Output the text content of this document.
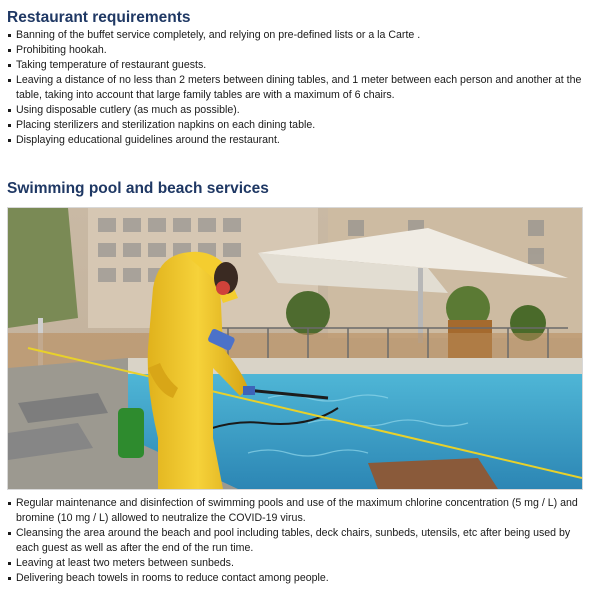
Restaurant requirements
Banning of the buffet service completely, and relying on pre-defined lists or a la Carte .
Prohibiting hookah.
Taking temperature of restaurant guests.
Leaving a distance of no less than 2 meters between dining tables, and 1 meter between each person and another at the table, taking into account that large family tables are with a maximum of 6 chairs.
Using disposable cutlery (as much as possible).
Placing sterilizers and sterilization napkins on each dining table.
Displaying educational guidelines around the restaurant.
Swimming pool and beach services
Regular maintenance and disinfection of swimming pools and use of the maximum chlorine concentration (5 mg / L) and bromine (10 mg / L) allowed to neutralize the COVID-19 virus.
Cleansing the area around the beach and pool including tables, deck chairs, sunbeds, utensils, etc after being used by each guest as well as after the end of the run time.
Leaving at least two meters between sunbeds.
Delivering beach towels in rooms to reduce contact among people.
